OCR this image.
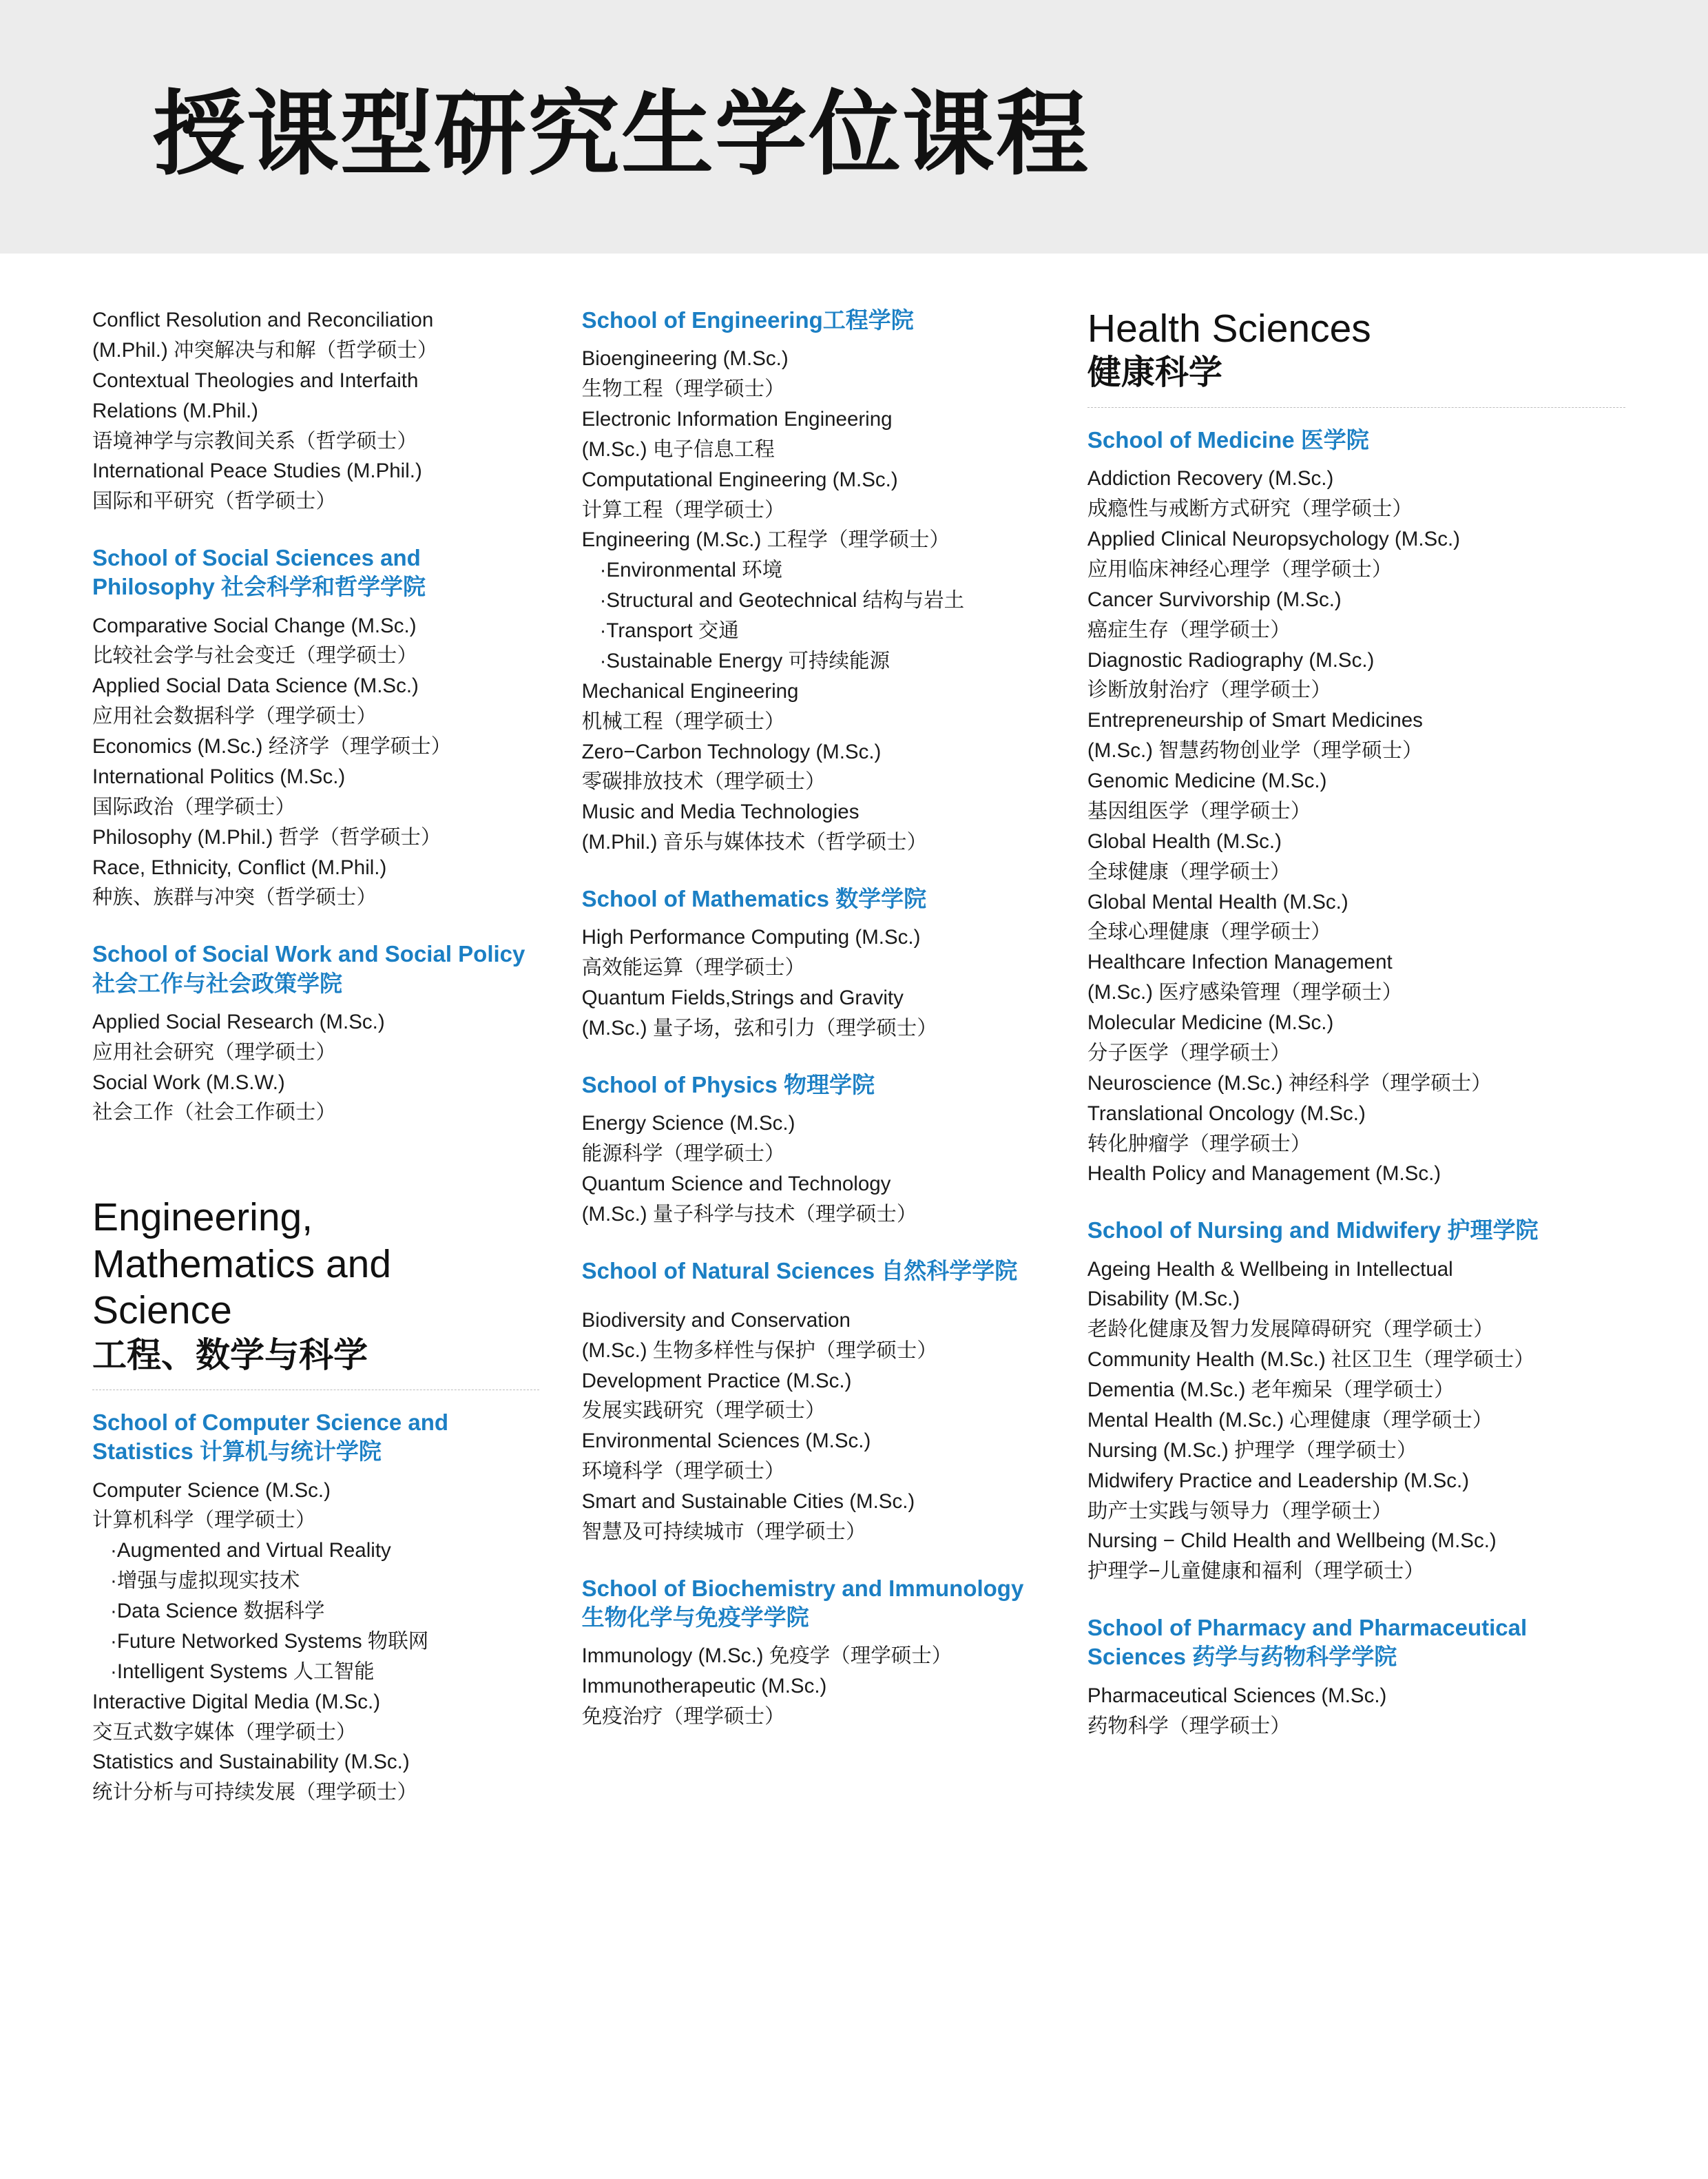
授课型研究生学位课程
Conflict Resolution and Reconciliation
(M.Phil.) 冲突解决与和解（哲学硕士）
Contextual Theologies and Interfaith
Relations (M.Phil.)
语境神学与宗教间关系（哲学硕士）
International Peace Studies (M.Phil.)
国际和平研究（哲学硕士）
School of Social Sciences and Philosophy 社会科学和哲学学院
Comparative Social Change (M.Sc.)
比较社会学与社会变迁（理学硕士）
Applied Social Data Science (M.Sc.)
应用社会数据科学（理学硕士）
Economics (M.Sc.) 经济学（理学硕士）
International Politics (M.Sc.)
国际政治（理学硕士）
Philosophy (M.Phil.) 哲学（哲学硕士）
Race, Ethnicity, Conflict (M.Phil.)
种族、族群与冲突（哲学硕士）
School of Social Work and Social Policy 社会工作与社会政策学院
Applied Social Research (M.Sc.)
应用社会研究（理学硕士）
Social Work (M.S.W.)
社会工作（社会工作硕士）
Engineering, Mathematics and Science
工程、数学与科学
School of Computer Science and Statistics 计算机与统计学院
Computer Science (M.Sc.)
计算机科学（理学硕士）
·Augmented and Virtual Reality
·增强与虚拟现实技术
·Data Science 数据科学
·Future Networked Systems 物联网
·Intelligent Systems 人工智能
Interactive Digital Media (M.Sc.)
交互式数字媒体（理学硕士）
Statistics and Sustainability (M.Sc.)
统计分析与可持续发展（理学硕士）
School of Engineering工程学院
Bioengineering (M.Sc.)
生物工程（理学硕士）
Electronic Information Engineering
(M.Sc.) 电子信息工程
Computational Engineering (M.Sc.)
计算工程（理学硕士）
Engineering (M.Sc.) 工程学（理学硕士）
·Environmental 环境
·Structural and Geotechnical 结构与岩土
·Transport 交通
·Sustainable Energy 可持续能源
Mechanical Engineering
机械工程（理学硕士）
Zero−Carbon Technology (M.Sc.)
零碳排放技术（理学硕士）
Music and Media Technologies
(M.Phil.) 音乐与媒体技术（哲学硕士）
School of Mathematics 数学学院
High Performance Computing (M.Sc.)
高效能运算（理学硕士）
Quantum Fields,Strings and Gravity
(M.Sc.) 量子场，弦和引力（理学硕士）
School of Physics 物理学院
Energy Science (M.Sc.)
能源科学（理学硕士）
Quantum Science and Technology
(M.Sc.) 量子科学与技术（理学硕士）
School of Natural Sciences 自然科学学院
Biodiversity and Conservation
(M.Sc.) 生物多样性与保护（理学硕士）
Development Practice (M.Sc.)
发展实践研究（理学硕士）
Environmental Sciences (M.Sc.)
环境科学（理学硕士）
Smart and Sustainable Cities (M.Sc.)
智慧及可持续城市（理学硕士）
School of Biochemistry and Immunology 生物化学与免疫学学院
Immunology (M.Sc.) 免疫学（理学硕士）
Immunotherapeutic (M.Sc.)
免疫治疗（理学硕士）
Health Sciences
健康科学
School of Medicine 医学院
Addiction Recovery (M.Sc.)
成瘾性与戒断方式研究（理学硕士）
Applied Clinical Neuropsychology (M.Sc.)
应用临床神经心理学（理学硕士）
Cancer Survivorship (M.Sc.)
癌症生存（理学硕士）
Diagnostic Radiography (M.Sc.)
诊断放射治疗（理学硕士）
Entrepreneurship of Smart Medicines
(M.Sc.) 智慧药物创业学（理学硕士）
Genomic Medicine (M.Sc.)
基因组医学（理学硕士）
Global Health (M.Sc.)
全球健康（理学硕士）
Global Mental Health (M.Sc.)
全球心理健康（理学硕士）
Healthcare Infection Management
(M.Sc.) 医疗感染管理（理学硕士）
Molecular Medicine (M.Sc.)
分子医学（理学硕士）
Neuroscience (M.Sc.) 神经科学（理学硕士）
Translational Oncology (M.Sc.)
转化肿瘤学（理学硕士）
Health Policy and Management (M.Sc.)
School of Nursing and Midwifery 护理学院
Ageing Health & Wellbeing in Intellectual
Disability (M.Sc.)
老龄化健康及智力发展障碍研究（理学硕士）
Community Health (M.Sc.) 社区卫生（理学硕士）
Dementia (M.Sc.) 老年痴呆（理学硕士）
Mental Health (M.Sc.) 心理健康（理学硕士）
Nursing (M.Sc.) 护理学（理学硕士）
Midwifery Practice and Leadership (M.Sc.)
助产士实践与领导力（理学硕士）
Nursing − Child Health and Wellbeing (M.Sc.)
护理学−儿童健康和福利（理学硕士）
School of Pharmacy and Pharmaceutical Sciences 药学与药物科学学院
Pharmaceutical Sciences (M.Sc.)
药物科学（理学硕士）
